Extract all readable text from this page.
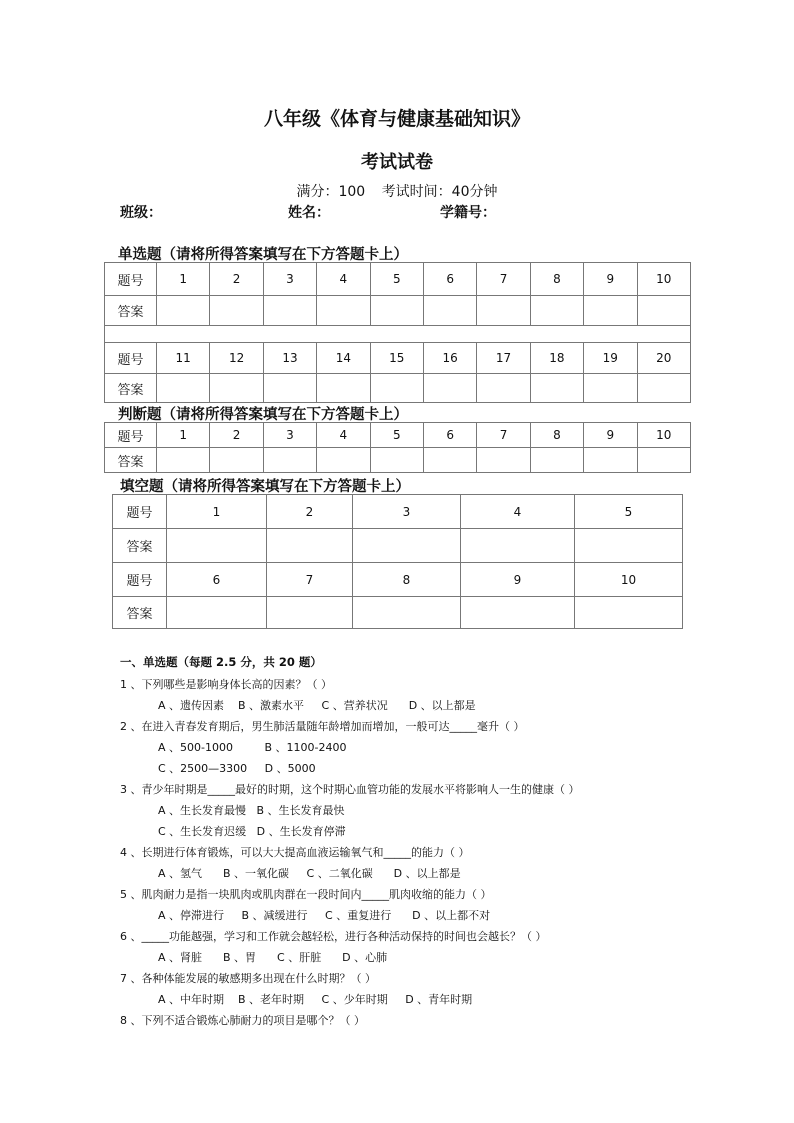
八年级《体育与健康基础知识》
考试试卷
满分：100 考试时间：40分钟
班级：	姓名：	学籍号：
单选题（请将所得答案填写在下方答题卡上）
题号	1	2	3	4	5	6	7	8	9	10
答案										

题号	11	12	13	14	15	16	17	18	19	20
答案										
判断题（请将所得答案填写在下方答题卡上）
题号	1	2	3	4	5	6	7	8	9	10
答案										
填空题（请将所得答案填写在下方答题卡上）
题号	1	2	3	4	5
答案					
题号	6	7	8	9	10
答案					
一、单选题（每题 2.5 分，共 20 题）
1 、下列哪些是影响身体长高的因素？（ ）
A 、遗传因素    B 、激素水平     C 、营养状况      D 、以上都是
2 、在进入青春发育期后，男生肺活量随年龄增加而增加，一般可达_____毫升（ ）
A 、500-1000         B 、1100-2400
C 、2500—3300     D 、5000
3 、青少年时期是_____最好的时期，这个时期心血管功能的发展水平将影响人一生的健康（ ）
A 、生长发育最慢   B 、生长发育最快
C 、生长发育迟缓   D 、生长发育停滞
4 、长期进行体育锻炼，可以大大提高血液运输氧气和_____的能力（ ）
A 、氢气      B 、一氧化碳     C 、二氧化碳      D 、以上都是
5 、肌肉耐力是指一块肌肉或肌肉群在一段时间内_____肌肉收缩的能力（ ）
A 、停滞进行     B 、减缓进行     C 、重复进行      D 、以上都不对
6 、_____功能越强，学习和工作就会越轻松，进行各种活动保持的时间也会越长？（ ）
A 、肾脏      B 、胃      C 、肝脏      D 、心肺
7 、各种体能发展的敏感期多出现在什么时期？（ ）
A 、中年时期    B 、老年时期     C 、少年时期     D 、青年时期
8 、下列不适合锻炼心肺耐力的项目是哪个？（ ）
